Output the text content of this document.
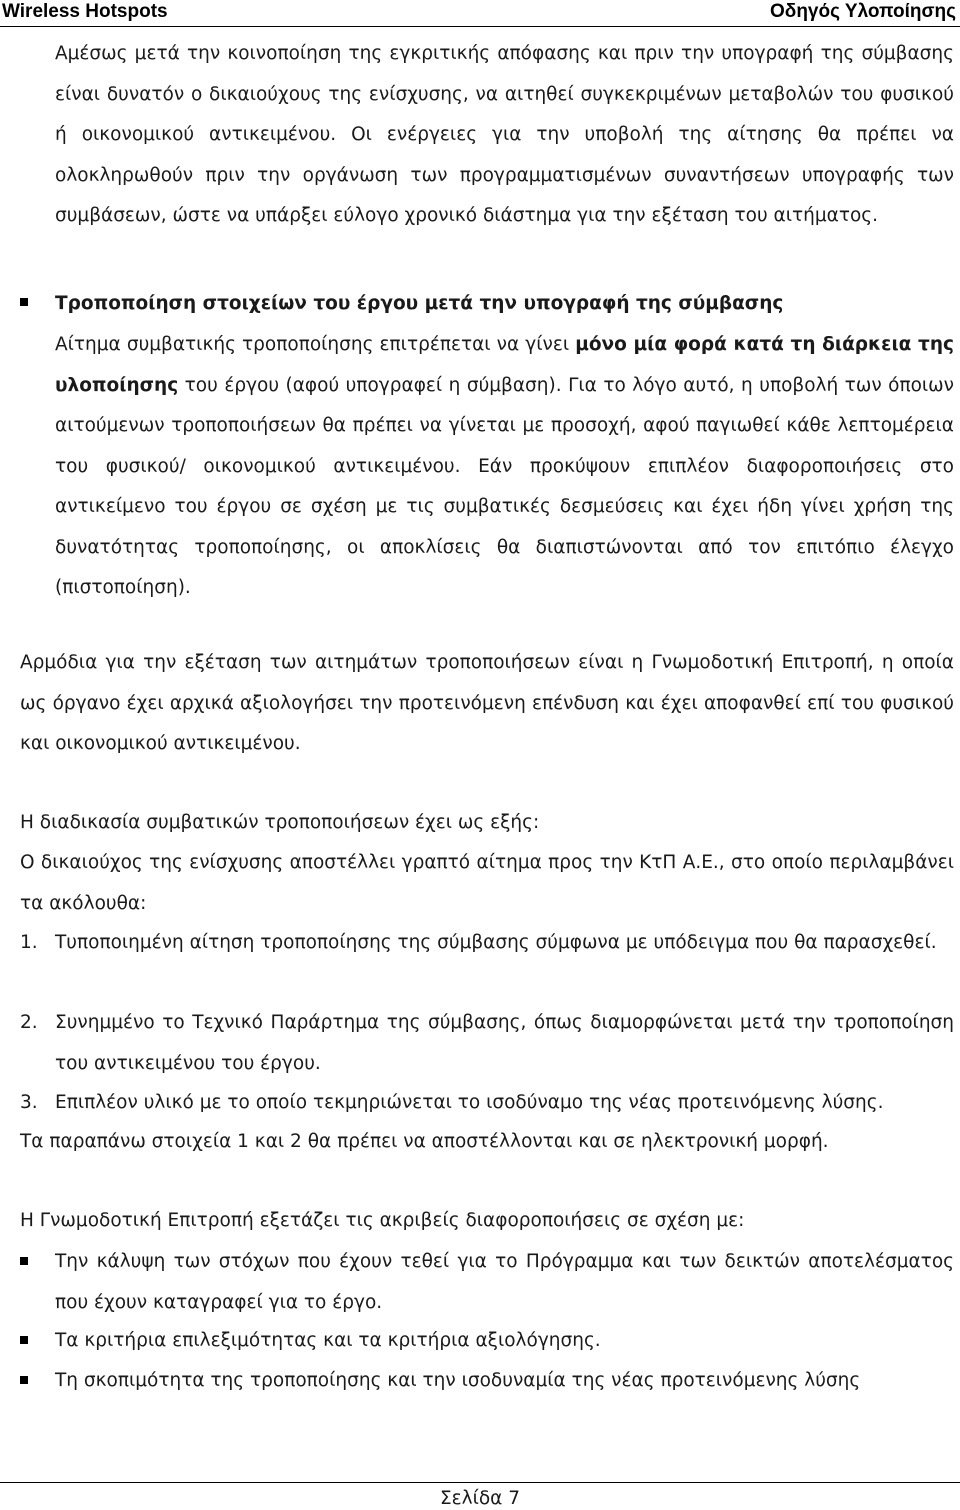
Wireless Hotspots	Οδηγός Υλοποίησης
Αμέσως μετά την κοινοποίηση της εγκριτικής απόφασης και πριν την υπογραφή της σύμβασης είναι δυνατόν ο δικαιούχους της ενίσχυσης, να αιτηθεί συγκεκριμένων μεταβολών του φυσικού ή οικονομικού αντικειμένου. Οι ενέργειες για την υποβολή της αίτησης θα πρέπει να ολοκληρωθούν πριν την οργάνωση των προγραμματισμένων συναντήσεων υπογραφής των συμβάσεων, ώστε να υπάρξει εύλογο χρονικό διάστημα για την εξέταση του αιτήματος.
Τροποποίηση στοιχείων του έργου μετά την υπογραφή της σύμβασης
Αίτημα συμβατικής τροποποίησης επιτρέπεται να γίνει μόνο μία φορά κατά τη διάρκεια της υλοποίησης του έργου (αφού υπογραφεί η σύμβαση). Για το λόγο αυτό, η υποβολή των όποιων αιτούμενων τροποποιήσεων θα πρέπει να γίνεται με προσοχή, αφού παγιωθεί κάθε λεπτομέρεια του φυσικού/ οικονομικού αντικειμένου. Εάν προκύψουν επιπλέον διαφοροποιήσεις στο αντικείμενο του έργου σε σχέση με τις συμβατικές δεσμεύσεις και έχει ήδη γίνει χρήση της δυνατότητας τροποποίησης, οι αποκλίσεις θα διαπιστώνονται από τον επιτόπιο έλεγχο (πιστοποίηση).
Αρμόδια για την εξέταση των αιτημάτων τροποποιήσεων είναι η Γνωμοδοτική Επιτροπή, η οποία ως όργανο έχει αρχικά αξιολογήσει την προτεινόμενη επένδυση και έχει αποφανθεί επί του φυσικού και οικονομικού αντικειμένου.
Η διαδικασία συμβατικών τροποποιήσεων έχει ως εξής:
Ο δικαιούχος της ενίσχυσης αποστέλλει γραπτό αίτημα προς την ΚτΠ Α.Ε., στο οποίο περιλαμβάνει τα ακόλουθα:
1. Τυποποιημένη αίτηση τροποποίησης της σύμβασης σύμφωνα με υπόδειγμα που θα παρασχεθεί.
2. Συνημμένο το Τεχνικό Παράρτημα της σύμβασης, όπως διαμορφώνεται μετά την τροποποίηση του αντικειμένου του έργου.
3. Επιπλέον υλικό με το οποίο τεκμηριώνεται το ισοδύναμο της νέας προτεινόμενης λύσης.
Τα παραπάνω στοιχεία 1 και 2 θα πρέπει να αποστέλλονται και σε ηλεκτρονική μορφή.
Η Γνωμοδοτική Επιτροπή εξετάζει τις ακριβείς διαφοροποιήσεις σε σχέση με:
Την κάλυψη των στόχων που έχουν τεθεί για το Πρόγραμμα και των δεικτών αποτελέσματος που έχουν καταγραφεί για το έργο.
Τα κριτήρια επιλεξιμότητας και τα κριτήρια αξιολόγησης.
Τη σκοπιμότητα της τροποποίησης και την ισοδυναμία της νέας προτεινόμενης λύσης
Σελίδα 7
